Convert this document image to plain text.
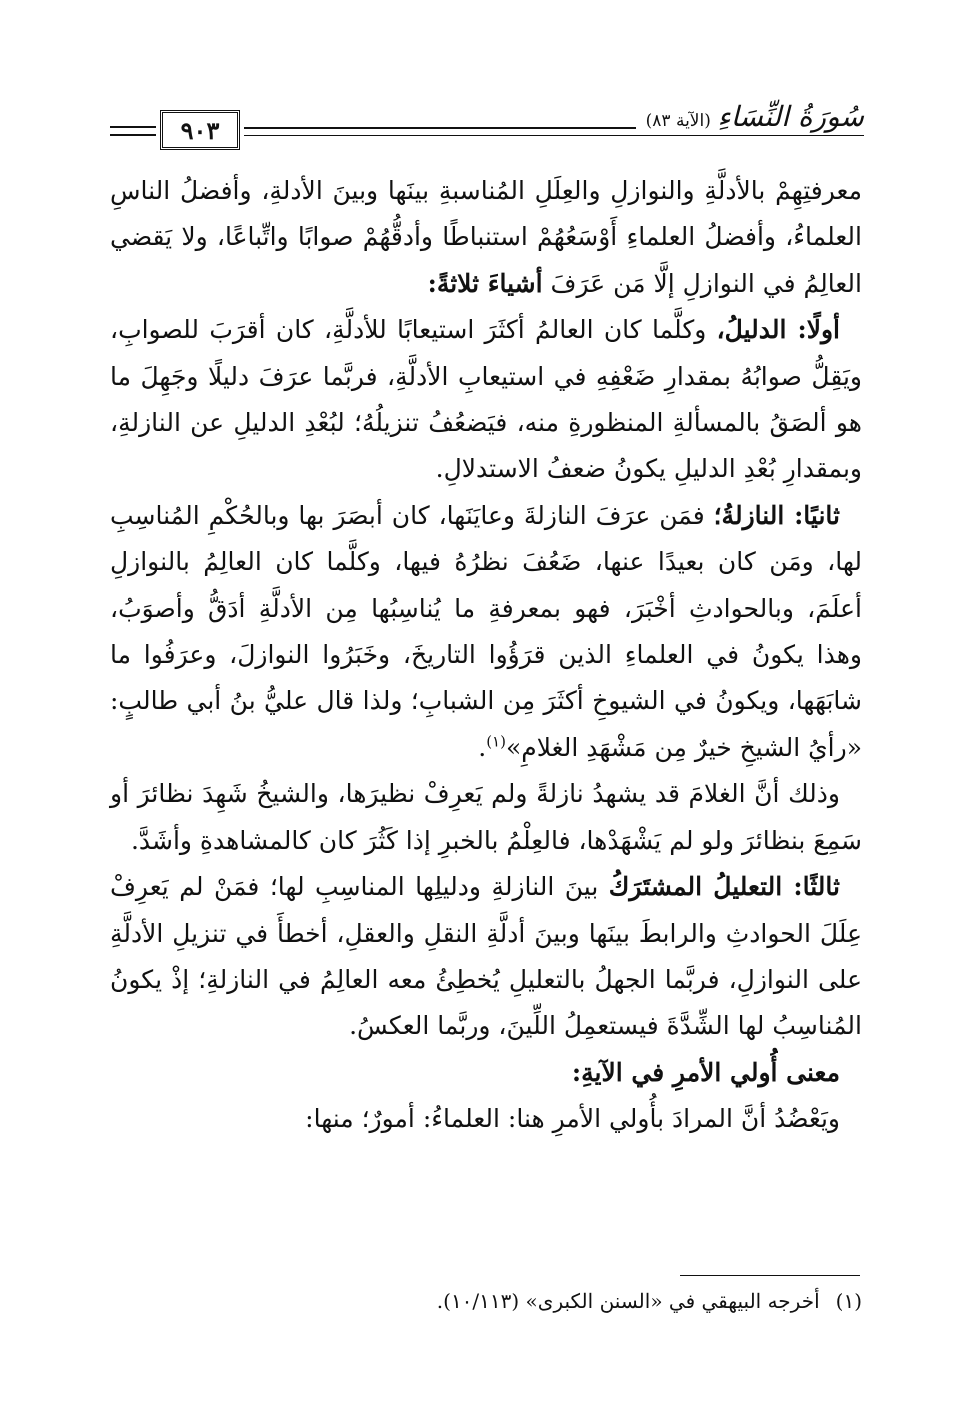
٩٠٣	سُورَةُ النِّسَاءِ (الآية ٨٣)

معرفتِهِمْ بالأدلَّةِ والنوازلِ والعِلَلِ المُناسبةِ بينَها وبينَ الأدلةِ، وأفضلُ الناسِ العلماءُ، وأفضلُ العلماءِ أَوْسَعُهُمْ استنباطًا وأدقُّهُمْ صوابًا واتِّباعًا، ولا يَقضي العالِمُ في النوازلِ إلَّا مَن عَرَفَ أشياءَ ثلاثةً:

أولًا: الدليلُ، وكلَّما كان العالمُ أكثَرَ استيعابًا للأدلَّةِ، كان أقرَبَ للصوابِ، ويَقِلُّ صوابُهُ بمقدارِ ضَعْفِهِ في استيعابِ الأدلَّةِ، فربَّما عرَفَ دليلًا وجَهِلَ ما هو ألصَقُ بالمسألةِ المنظورةِ منه، فيَضعُفُ تنزيلُهُ؛ لبُعْدِ الدليلِ عن النازلةِ، وبمقدارِ بُعْدِ الدليلِ يكونُ ضعفُ الاستدلالِ.

ثانيًا: النازلةُ؛ فمَن عرَفَ النازلةَ وعايَنَها، كان أبصَرَ بها وبالحُكْمِ المُناسِبِ لها، ومَن كان بعيدًا عنها، ضَعُفَ نظرُهُ فيها، وكلَّما كان العالِمُ بالنوازلِ أعلَمَ، وبالحوادثِ أخْبَرَ، فهو بمعرفةِ ما يُناسِبُها مِن الأدلَّةِ أدَقُّ وأصوَبُ، وهذا يكونُ في العلماءِ الذين قرَؤُوا التاريخَ، وخَبَرُوا النوازلَ، وعرَفُوا ما شابَهَها، ويكونُ في الشيوخِ أكثَرَ مِن الشبابِ؛ ولذا قال عليُّ بنُ أبي طالبٍ: «رأيُ الشيخِ خيرٌ مِن مَشْهَدِ الغلامِ»$^{(١)}$.

وذلك أنَّ الغلامَ قد يشهدُ نازلةً ولم يَعرِفْ نظيرَها، والشيخُ شَهِدَ نظائرَ أو سَمِعَ بنظائرَ ولو لم يَشْهَدْها، فالعِلْمُ بالخبرِ إذا كَثُرَ كان كالمشاهدةِ وأشَدَّ.

ثالثًا: التعليلُ المشتَرَكُ بينَ النازلةِ ودليلِها المناسِبِ لها؛ فمَنْ لم يَعرِفْ عِلَلَ الحوادثِ والرابطَ بينَها وبينَ أدلَّةِ النقلِ والعقلِ، أخطأَ في تنزيلِ الأدلَّةِ على النوازلِ، فربَّما الجهلُ بالتعليلِ يُخطِئُ معه العالِمُ في النازلةِ؛ إذْ يكونُ المُناسِبُ لها الشِّدَّةَ فيستعمِلُ اللِّينَ، وربَّما العكسُ.

معنى أُولي الأمرِ في الآيةِ:

ويَعْضُدُ أنَّ المرادَ بأُولي الأمرِ هنا: العلماءُ: أمورٌ؛ منها:

(١)أخرجه البيهقي في «السنن الكبرى» (١٠/١١٣).
